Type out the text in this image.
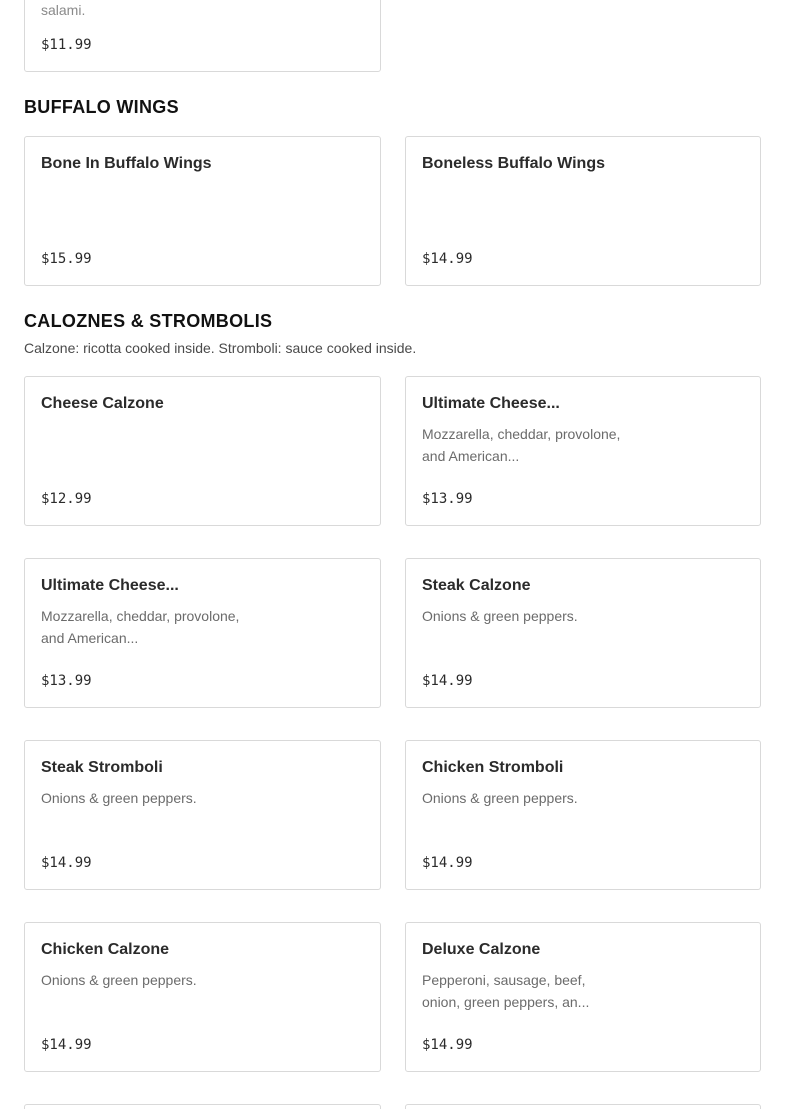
salami.
$11.99
BUFFALO WINGS
Bone In Buffalo Wings
$15.99
Boneless Buffalo Wings
$14.99
CALOZNES & STROMBOLIS
Calzone: ricotta cooked inside. Stromboli: sauce cooked inside.
Cheese Calzone
$12.99
Ultimate Cheese...
Mozzarella, cheddar, provolone, and American...
$13.99
Ultimate Cheese...
Mozzarella, cheddar, provolone, and American...
$13.99
Steak Calzone
Onions & green peppers.
$14.99
Steak Stromboli
Onions & green peppers.
$14.99
Chicken Stromboli
Onions & green peppers.
$14.99
Chicken Calzone
Onions & green peppers.
$14.99
Deluxe Calzone
Pepperoni, sausage, beef, onion, green peppers, an...
$14.99
